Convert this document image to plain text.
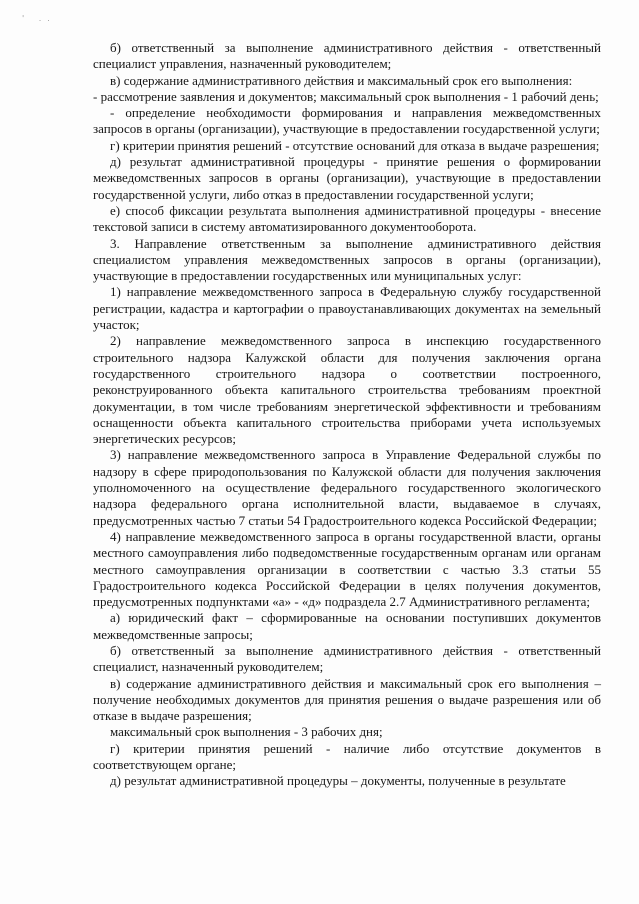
' ..

б) ответственный за выполнение административного действия - ответственный специалист управления, назначенный руководителем;

в) содержание административного действия и максимальный срок его выполнения:

- рассмотрение заявления и документов; максимальный срок выполнения - 1 рабочий день;

- определение необходимости формирования и направления межведомственных запросов в органы (организации), участвующие в предоставлении государственной услуги;

г) критерии принятия решений - отсутствие оснований для отказа в выдаче разрешения;

д) результат административной процедуры - принятие решения о формировании межведомственных запросов в органы (организации), участвующие в предоставлении государственной услуги, либо отказ в предоставлении государственной услуги;

е) способ фиксации результата выполнения административной процедуры - внесение текстовой записи в систему автоматизированного документооборота.

3. Направление ответственным за выполнение административного действия специалистом управления межведомственных запросов в органы (организации), участвующие в предоставлении государственных или муниципальных услуг:

1) направление межведомственного запроса в Федеральную службу государственной регистрации, кадастра и картографии о правоустанавливающих документах на земельный участок;

2) направление межведомственного запроса в инспекцию государственного строительного надзора Калужской области для получения заключения органа государственного строительного надзора о соответствии построенного, реконструированного объекта капитального строительства требованиям проектной документации, в том числе требованиям энергетической эффективности и требованиям оснащенности объекта капитального строительства приборами учета используемых энергетических ресурсов;

3) направление межведомственного запроса в Управление Федеральной службы по надзору в сфере природопользования по Калужской области для получения заключения уполномоченного на осуществление федерального государственного экологического надзора федерального органа исполнительной власти, выдаваемое в случаях, предусмотренных частью 7 статьи 54 Градостроительного кодекса Российской Федерации;

4) направление межведомственного запроса в органы государственной власти, органы местного самоуправления либо подведомственные государственным органам или органам местного самоуправления организации в соответствии с частью 3.3 статьи 55 Градостроительного кодекса Российской Федерации в целях получения документов, предусмотренных подпунктами «а» - «д» подраздела 2.7 Административного регламента;

а) юридический факт – сформированные на основании поступивших документов межведомственные запросы;

б) ответственный за выполнение административного действия - ответственный специалист, назначенный руководителем;

в) содержание административного действия и максимальный срок его выполнения – получение необходимых документов для принятия решения о выдаче разрешения или об отказе в выдаче разрешения;

максимальный срок выполнения - 3 рабочих дня;

г) критерии принятия решений - наличие либо отсутствие документов в соответствующем органе;

д) результат административной процедуры – документы, полученные в результате
